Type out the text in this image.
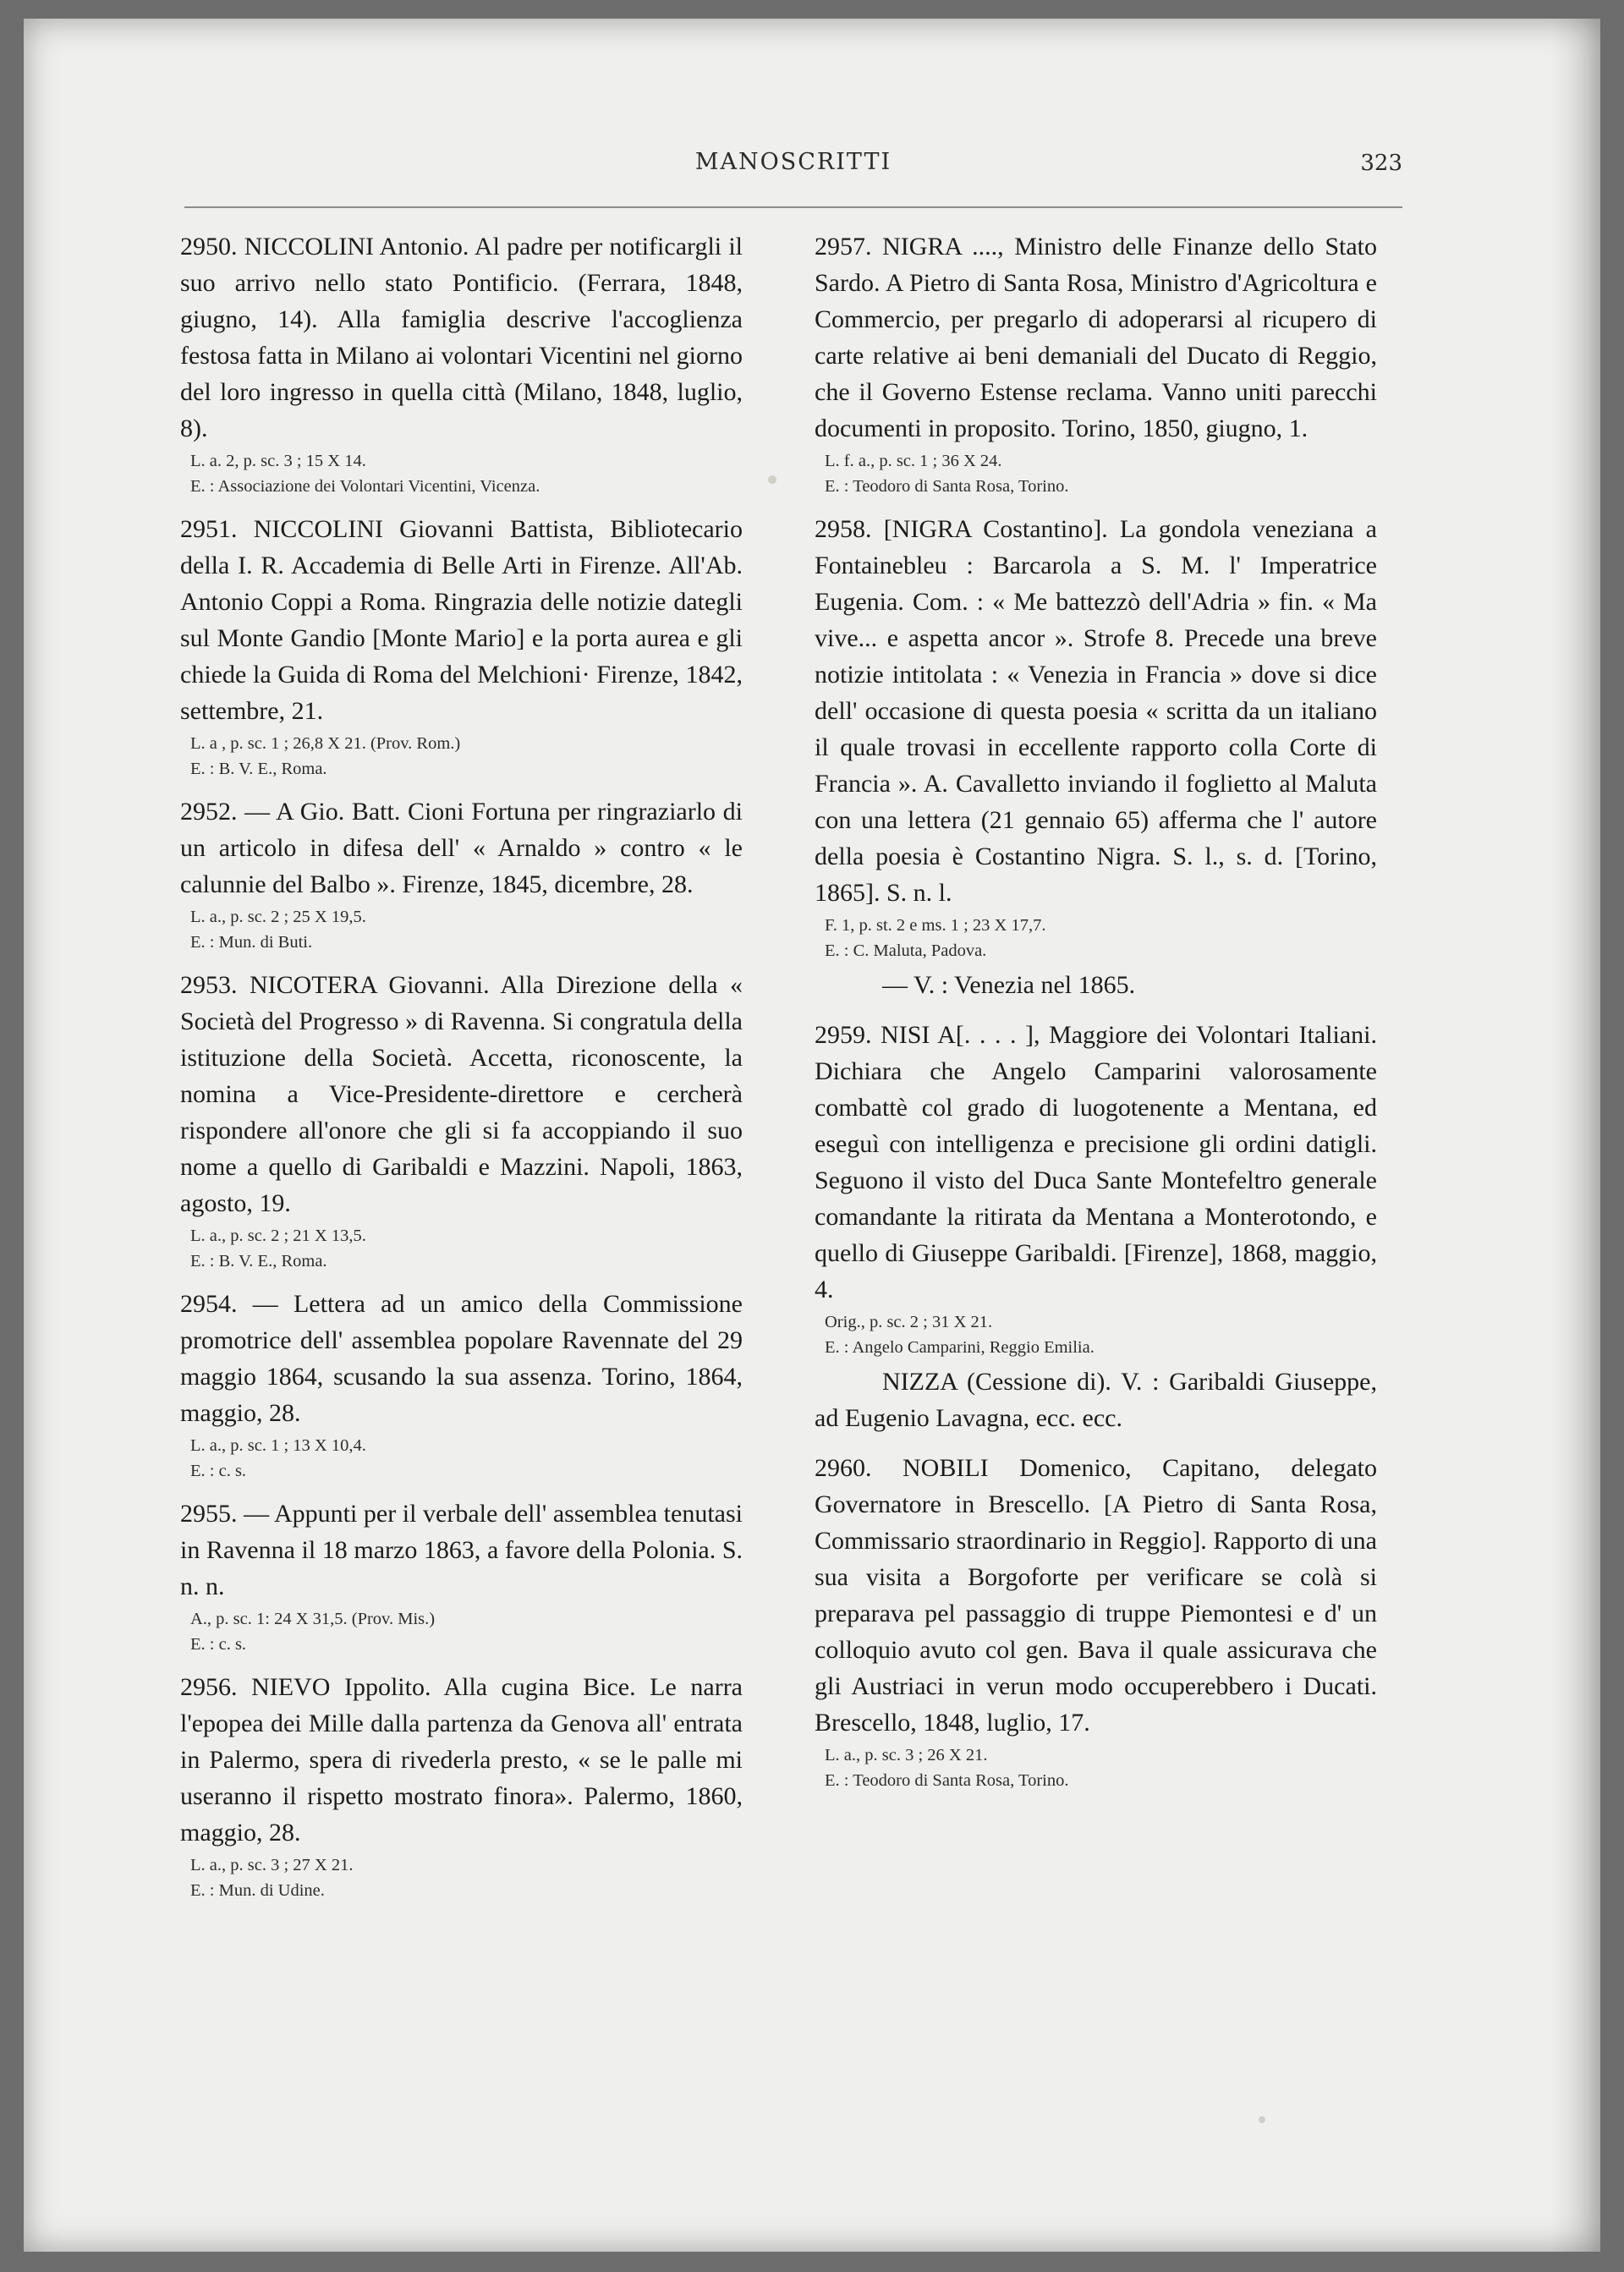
MANOSCRITTI	323

2950. NICCOLINI Antonio. Al padre per notificargli il suo arrivo nello stato Pontificio. (Ferrara, 1848, giugno, 14). Alla famiglia descrive l'accoglienza festosa fatta in Milano ai volontari Vicentini nel giorno del loro ingresso in quella città (Milano, 1848, luglio, 8).

L. a. 2, p. sc. 3 ; 15 X 14.
E. : Associazione dei Volontari Vicentini, Vicenza.

2951. NICCOLINI Giovanni Battista, Bibliotecario della I. R. Accademia di Belle Arti in Firenze. All'Ab. Antonio Coppi a Roma. Ringrazia delle notizie dategli sul Monte Gandio [Monte Mario] e la porta aurea e gli chiede la Guida di Roma del Melchioni· Firenze, 1842, settembre, 21.

L. a , p. sc. 1 ; 26,8 X 21. (Prov. Rom.)
E. : B. V. E., Roma.

2952. — A Gio. Batt. Cioni Fortuna per ringraziarlo di un articolo in difesa dell' « Arnaldo » contro « le calunnie del Balbo ». Firenze, 1845, dicembre, 28.

L. a., p. sc. 2 ; 25 X 19,5.
E. : Mun. di Buti.

2953. NICOTERA Giovanni. Alla Direzione della « Società del Progresso » di Ravenna. Si congratula della istituzione della Società. Accetta, riconoscente, la nomina a Vice-Presidente-direttore e cercherà rispondere all'onore che gli si fa accoppiando il suo nome a quello di Garibaldi e Mazzini. Napoli, 1863, agosto, 19.

L. a., p. sc. 2 ; 21 X 13,5.
E. : B. V. E., Roma.

2954. — Lettera ad un amico della Commissione promotrice dell' assemblea popolare Ravennate del 29 maggio 1864, scusando la sua assenza. Torino, 1864, maggio, 28.

L. a., p. sc. 1 ; 13 X 10,4.
E. : c. s.

2955. — Appunti per il verbale dell' assemblea tenutasi in Ravenna il 18 marzo 1863, a favore della Polonia. S. n. n.

A., p. sc. 1: 24 X 31,5. (Prov. Mis.)
E. : c. s.

2956. NIEVO Ippolito. Alla cugina Bice. Le narra l'epopea dei Mille dalla partenza da Genova all' entrata in Palermo, spera di rivederla presto, « se le palle mi useranno il rispetto mostrato finora». Palermo, 1860, maggio, 28.

L. a., p. sc. 3 ; 27 X 21.
E. : Mun. di Udine.

2957. NIGRA ...., Ministro delle Finanze dello Stato Sardo. A Pietro di Santa Rosa, Ministro d'Agricoltura e Commercio, per pregarlo di adoperarsi al ricupero di carte relative ai beni demaniali del Ducato di Reggio, che il Governo Estense reclama. Vanno uniti parecchi documenti in proposito. Torino, 1850, giugno, 1.

L. f. a., p. sc. 1 ; 36 X 24.
E. : Teodoro di Santa Rosa, Torino.

2958. [NIGRA Costantino]. La gondola veneziana a Fontainebleu : Barcarola a S. M. l' Imperatrice Eugenia. Com. : « Me battezzò dell'Adria » fin. « Ma vive... e aspetta ancor ». Strofe 8. Precede una breve notizie intitolata : « Venezia in Francia » dove si dice dell' occasione di questa poesia « scritta da un italiano il quale trovasi in eccellente rapporto colla Corte di Francia ». A. Cavalletto inviando il foglietto al Maluta con una lettera (21 gennaio 65) afferma che l' autore della poesia è Costantino Nigra. S. l., s. d. [Torino, 1865]. S. n. l.

F. 1, p. st. 2 e ms. 1 ; 23 X 17,7.
E. : C. Maluta, Padova.

— V. : Venezia nel 1865.

2959. NISI A[. . . . ], Maggiore dei Volontari Italiani. Dichiara che Angelo Camparini valorosamente combattè col grado di luogotenente a Mentana, ed eseguì con intelligenza e precisione gli ordini datigli. Seguono il visto del Duca Sante Montefeltro generale comandante la ritirata da Mentana a Monterotondo, e quello di Giuseppe Garibaldi. [Firenze], 1868, maggio, 4.

Orig., p. sc. 2 ; 31 X 21.
E. : Angelo Camparini, Reggio Emilia.

NIZZA (Cessione di). V. : Garibaldi Giuseppe, ad Eugenio Lavagna, ecc. ecc.

2960. NOBILI Domenico, Capitano, delegato Governatore in Brescello. [A Pietro di Santa Rosa, Commissario straordinario in Reggio]. Rapporto di una sua visita a Borgoforte per verificare se colà si preparava pel passaggio di truppe Piemontesi e d' un colloquio avuto col gen. Bava il quale assicurava che gli Austriaci in verun modo occuperebbero i Ducati. Brescello, 1848, luglio, 17.

L. a., p. sc. 3 ; 26 X 21.
E. : Teodoro di Santa Rosa, Torino.
